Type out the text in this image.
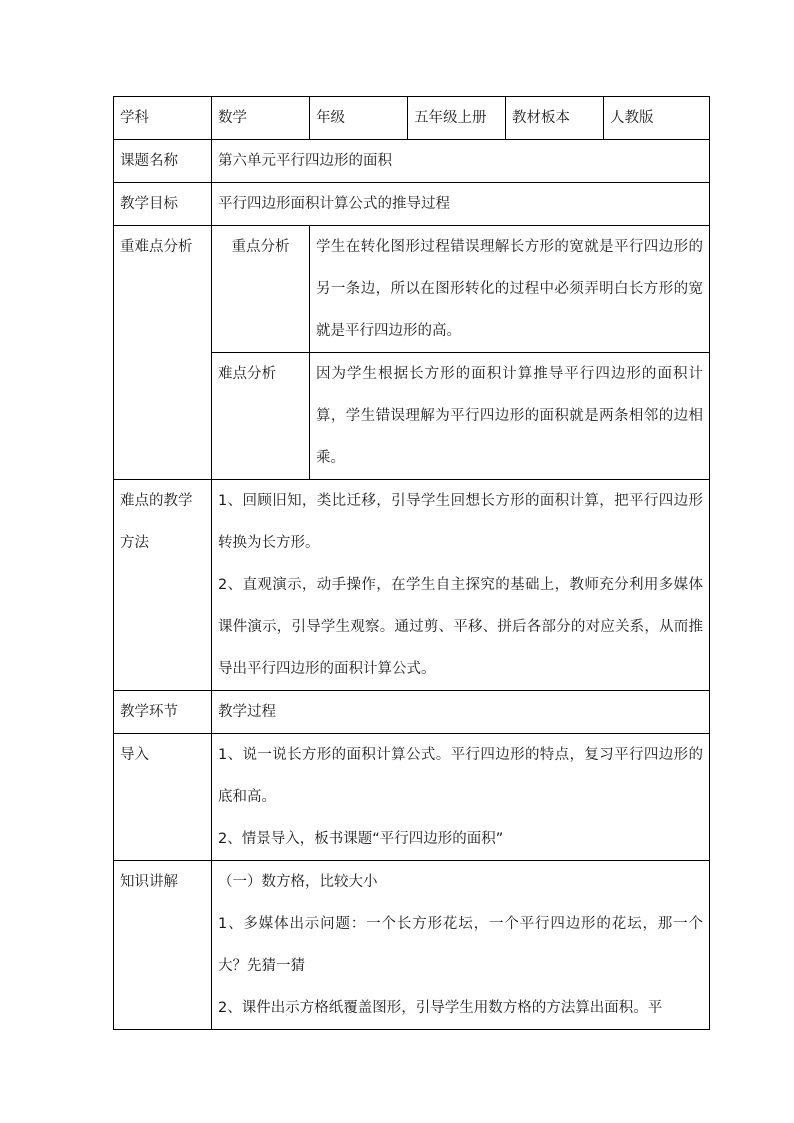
学科	数学	年级	五年级上册	教材板本	人教版
课题名称	第六单元平行四边形的面积				
教学目标	平行四边形面积计算公式的推导过程				
重难点分析	重点分析	学生在转化图形过程错误理解长方形的宽就是平行四边形的另一条边，所以在图形转化的过程中必须弄明白长方形的宽就是平行四边形的高。			

	难点分析	因为学生根据长方形的面积计算推导平行四边形的面积计算，学生错误理解为平行四边形的面积就是两条相邻的边相乘。			

难点的教学方法	1、回顾旧知，类比迁移，引导学生回想长方形的面积计算，把平行四边形转换为长方形。

2、直观演示，动手操作，在学生自主探究的基础上，教师充分利用多媒体课件演示，引导学生观察。通过剪、平移、拼后各部分的对应关系，从而推导出平行四边形的面积计算公式。				

教学环节	教学过程				
导入	1、说一说长方形的面积计算公式。平行四边形的特点，复习平行四边形的底和高。

2、情景导入，板书课题“平行四边形的面积”				

知识讲解	（一）数方格，比较大小

1、多媒体出示问题：一个长方形花坛，一个平行四边形的花坛，那一个大？先猜一猜

2、课件出示方格纸覆盖图形，引导学生用数方格的方法算出面积。平				
